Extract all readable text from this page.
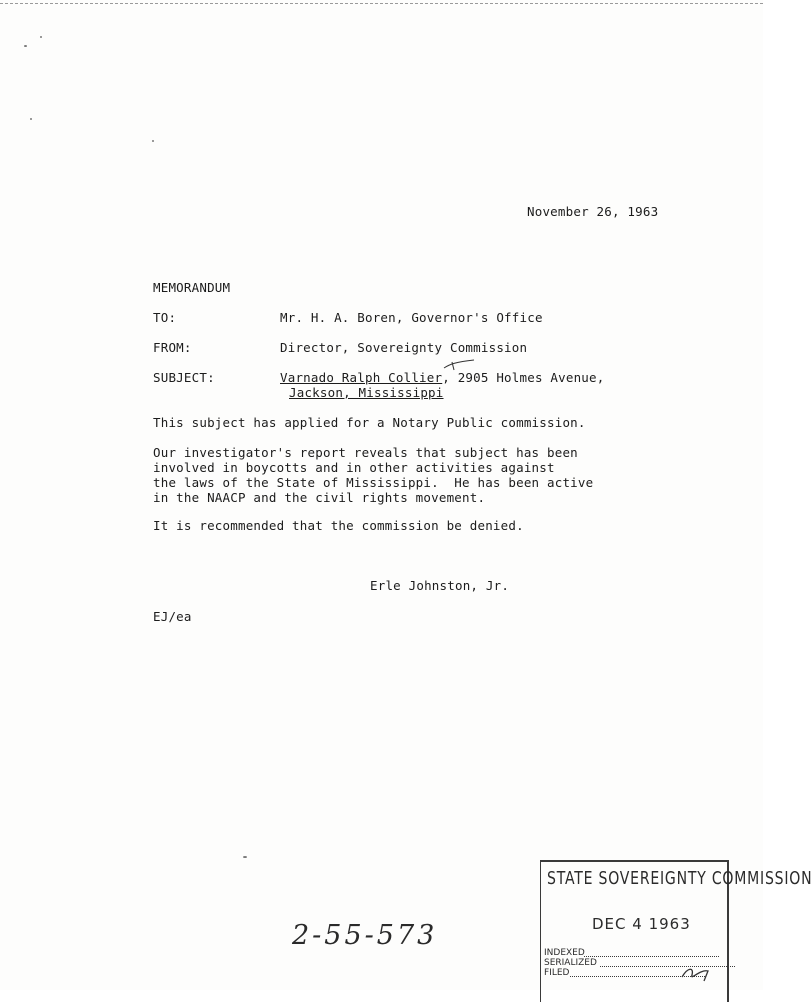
November 26, 1963
MEMORANDUM
TO:	Mr. H. A. Boren, Governor's Office
FROM:	Director, Sovereignty Commission
SUBJECT:	Varnado Ralph Collier, 2905 Holmes Avenue,
Jackson, Mississippi
This subject has applied for a Notary Public commission.
Our investigator's report reveals that subject has been
involved in boycotts and in other activities against
the laws of the State of Mississippi.  He has been active
in the NAACP and the civil rights movement.
It is recommended that the commission be denied.
Erle Johnston, Jr.
EJ/ea
2-55-573
STATE SOVEREIGNTY COMMISSION
DEC 4 1963
INDEXED
SERIALIZED
FILED
